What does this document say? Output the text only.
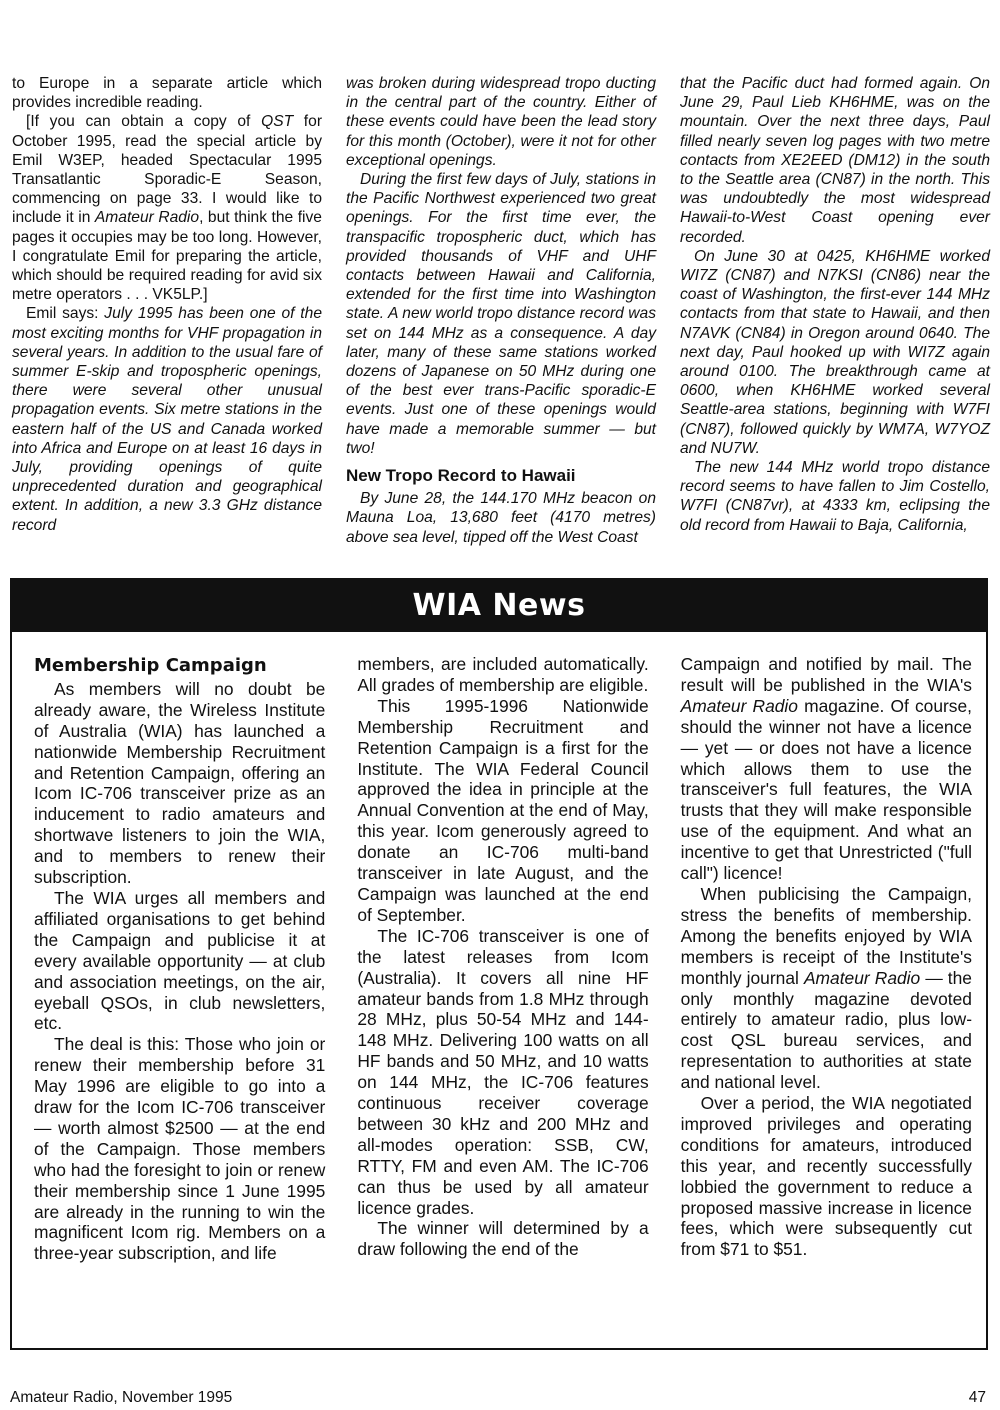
to Europe in a separate article which provides incredible reading.

[If you can obtain a copy of QST for October 1995, read the special article by Emil W3EP, headed Spectacular 1995 Transatlantic Sporadic-E Season, commencing on page 33. I would like to include it in Amateur Radio, but think the five pages it occupies may be too long. However, I congratulate Emil for preparing the article, which should be required reading for avid six metre operators . . . VK5LP.]

Emil says: July 1995 has been one of the most exciting months for VHF propagation in several years. In addition to the usual fare of summer E-skip and tropospheric openings, there were several other unusual propagation events. Six metre stations in the eastern half of the US and Canada worked into Africa and Europe on at least 16 days in July, providing openings of quite unprecedented duration and geographical extent. In addition, a new 3.3 GHz distance record

was broken during widespread tropo ducting in the central part of the country. Either of these events could have been the lead story for this month (October), were it not for other exceptional openings.

During the first few days of July, stations in the Pacific Northwest experienced two great openings. For the first time ever, the transpacific tropospheric duct, which has provided thousands of VHF and UHF contacts between Hawaii and California, extended for the first time into Washington state. A new world tropo distance record was set on 144 MHz as a consequence. A day later, many of these same stations worked dozens of Japanese on 50 MHz during one of the best ever trans-Pacific sporadic-E events. Just one of these openings would have made a memorable summer — but two!

New Tropo Record to Hawaii

By June 28, the 144.170 MHz beacon on Mauna Loa, 13,680 feet (4170 metres) above sea level, tipped off the West Coast

that the Pacific duct had formed again. On June 29, Paul Lieb KH6HME, was on the mountain. Over the next three days, Paul filled nearly seven log pages with two metre contacts from XE2EED (DM12) in the south to the Seattle area (CN87) in the north. This was undoubtedly the most widespread Hawaii-to-West Coast opening ever recorded.

On June 30 at 0425, KH6HME worked WI7Z (CN87) and N7KSI (CN86) near the coast of Washington, the first-ever 144 MHz contacts from that state to Hawaii, and then N7AVK (CN84) in Oregon around 0640. The next day, Paul hooked up with WI7Z again around 0100. The breakthrough came at 0600, when KH6HME worked several Seattle-area stations, beginning with W7FI (CN87), followed quickly by WM7A, W7YOZ and NU7W.

The new 144 MHz world tropo distance record seems to have fallen to Jim Costello, W7FI (CN87vr), at 4333 km, eclipsing the old record from Hawaii to Baja, California,

WIA News
Membership Campaign

As members will no doubt be already aware, the Wireless Institute of Australia (WIA) has launched a nationwide Membership Recruitment and Retention Campaign, offering an Icom IC-706 transceiver prize as an inducement to radio amateurs and shortwave listeners to join the WIA, and to members to renew their subscription.

The WIA urges all members and affiliated organisations to get behind the Campaign and publicise it at every available opportunity — at club and association meetings, on the air, eyeball QSOs, in club newsletters, etc.

The deal is this: Those who join or renew their membership before 31 May 1996 are eligible to go into a draw for the Icom IC-706 transceiver — worth almost $2500 — at the end of the Campaign. Those members who had the foresight to join or renew their membership since 1 June 1995 are already in the running to win the magnificent Icom rig. Members on a three-year subscription, and life

members, are included automatically. All grades of membership are eligible.

This 1995-1996 Nationwide Membership Recruitment and Retention Campaign is a first for the Institute. The WIA Federal Council approved the idea in principle at the Annual Convention at the end of May, this year. Icom generously agreed to donate an IC-706 multi-band transceiver in late August, and the Campaign was launched at the end of September.

The IC-706 transceiver is one of the latest releases from Icom (Australia). It covers all nine HF amateur bands from 1.8 MHz through 28 MHz, plus 50-54 MHz and 144-148 MHz. Delivering 100 watts on all HF bands and 50 MHz, and 10 watts on 144 MHz, the IC-706 features continuous receiver coverage between 30 kHz and 200 MHz and all-modes operation: SSB, CW, RTTY, FM and even AM. The IC-706 can thus be used by all amateur licence grades.

The winner will determined by a draw following the end of the

Campaign and notified by mail. The result will be published in the WIA's Amateur Radio magazine. Of course, should the winner not have a licence — yet — or does not have a licence which allows them to use the transceiver's full features, the WIA trusts that they will make responsible use of the equipment. And what an incentive to get that Unrestricted ("full call") licence!

When publicising the Campaign, stress the benefits of membership. Among the benefits enjoyed by WIA members is receipt of the Institute's monthly journal Amateur Radio — the only monthly magazine devoted entirely to amateur radio, plus low-cost QSL bureau services, and representation to authorities at state and national level.

Over a period, the WIA negotiated improved privileges and operating conditions for amateurs, introduced this year, and recently successfully lobbied the government to reduce a proposed massive increase in licence fees, which were subsequently cut from $71 to $51.

Amateur Radio, November 1995	47
